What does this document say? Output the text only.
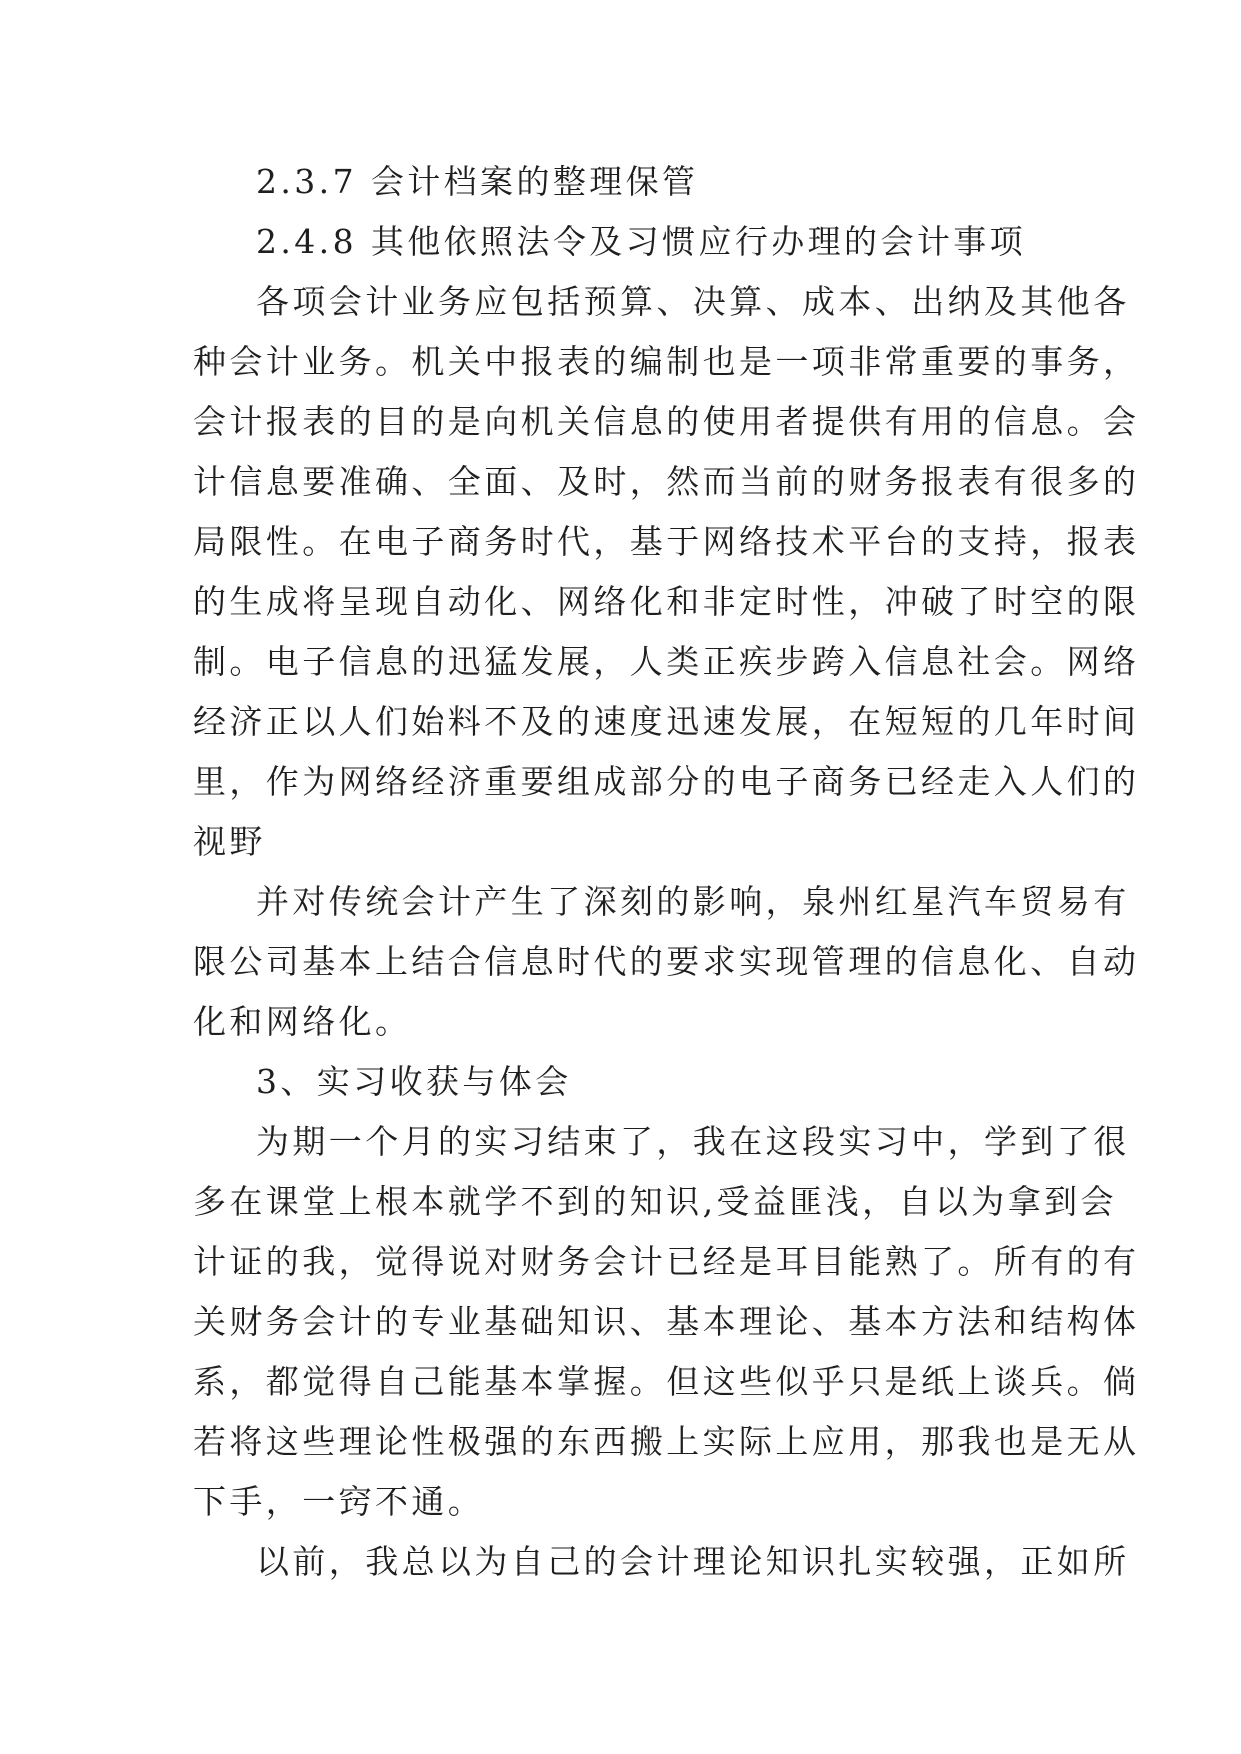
2.3.7 会计档案的整理保管
2.4.8 其他依照法令及习惯应行办理的会计事项
各项会计业务应包括预算、决算、成本、出纳及其他各
种会计业务。机关中报表的编制也是一项非常重要的事务，
会计报表的目的是向机关信息的使用者提供有用的信息。会
计信息要准确、全面、及时，然而当前的财务报表有很多的
局限性。在电子商务时代，基于网络技术平台的支持，报表
的生成将呈现自动化、网络化和非定时性，冲破了时空的限
制。电子信息的迅猛发展，人类正疾步跨入信息社会。网络
经济正以人们始料不及的速度迅速发展，在短短的几年时间
里，作为网络经济重要组成部分的电子商务已经走入人们的
视野
并对传统会计产生了深刻的影响，泉州红星汽车贸易有
限公司基本上结合信息时代的要求实现管理的信息化、自动
化和网络化。
3、实习收获与体会
为期一个月的实习结束了，我在这段实习中，学到了很
多在课堂上根本就学不到的知识,受益匪浅，自以为拿到会
计证的我，觉得说对财务会计已经是耳目能熟了。所有的有
关财务会计的专业基础知识、基本理论、基本方法和结构体
系，都觉得自己能基本掌握。但这些似乎只是纸上谈兵。倘
若将这些理论性极强的东西搬上实际上应用，那我也是无从
下手，一窍不通。
以前，我总以为自己的会计理论知识扎实较强，正如所
